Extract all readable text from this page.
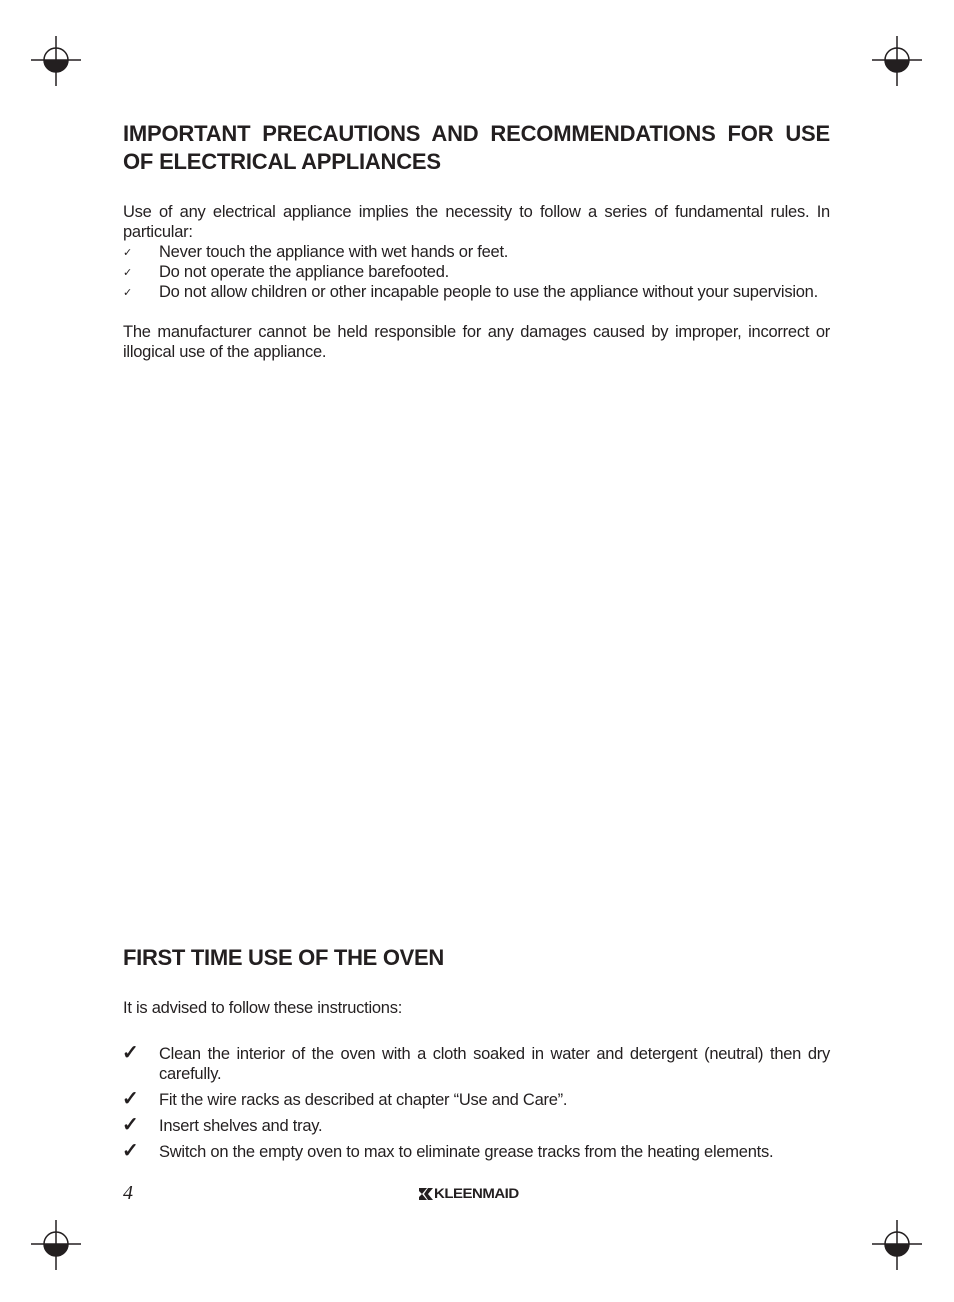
IMPORTANT PRECAUTIONS AND RECOMMENDATIONS FOR USE OF ELECTRICAL APPLIANCES

Use of any electrical appliance implies the necessity to follow a series of fundamental rules. In particular:

✓ Never touch the appliance with wet hands or feet.
✓ Do not operate the appliance barefooted.
✓ Do not allow children or other incapable people to use the appliance without your supervision.

The manufacturer cannot be held responsible for any damages caused by improper, incorrect or illogical use of the appliance.

FIRST TIME USE OF THE OVEN

It is advised to follow these instructions:

✓ Clean the interior of the oven with a cloth soaked in water and detergent (neutral) then dry carefully.
✓ Fit the wire racks as described at chapter “Use and Care”.
✓ Insert shelves and tray.
✓ Switch on the empty oven to max to eliminate grease tracks from the heating elements.
4	KLEENMAID
